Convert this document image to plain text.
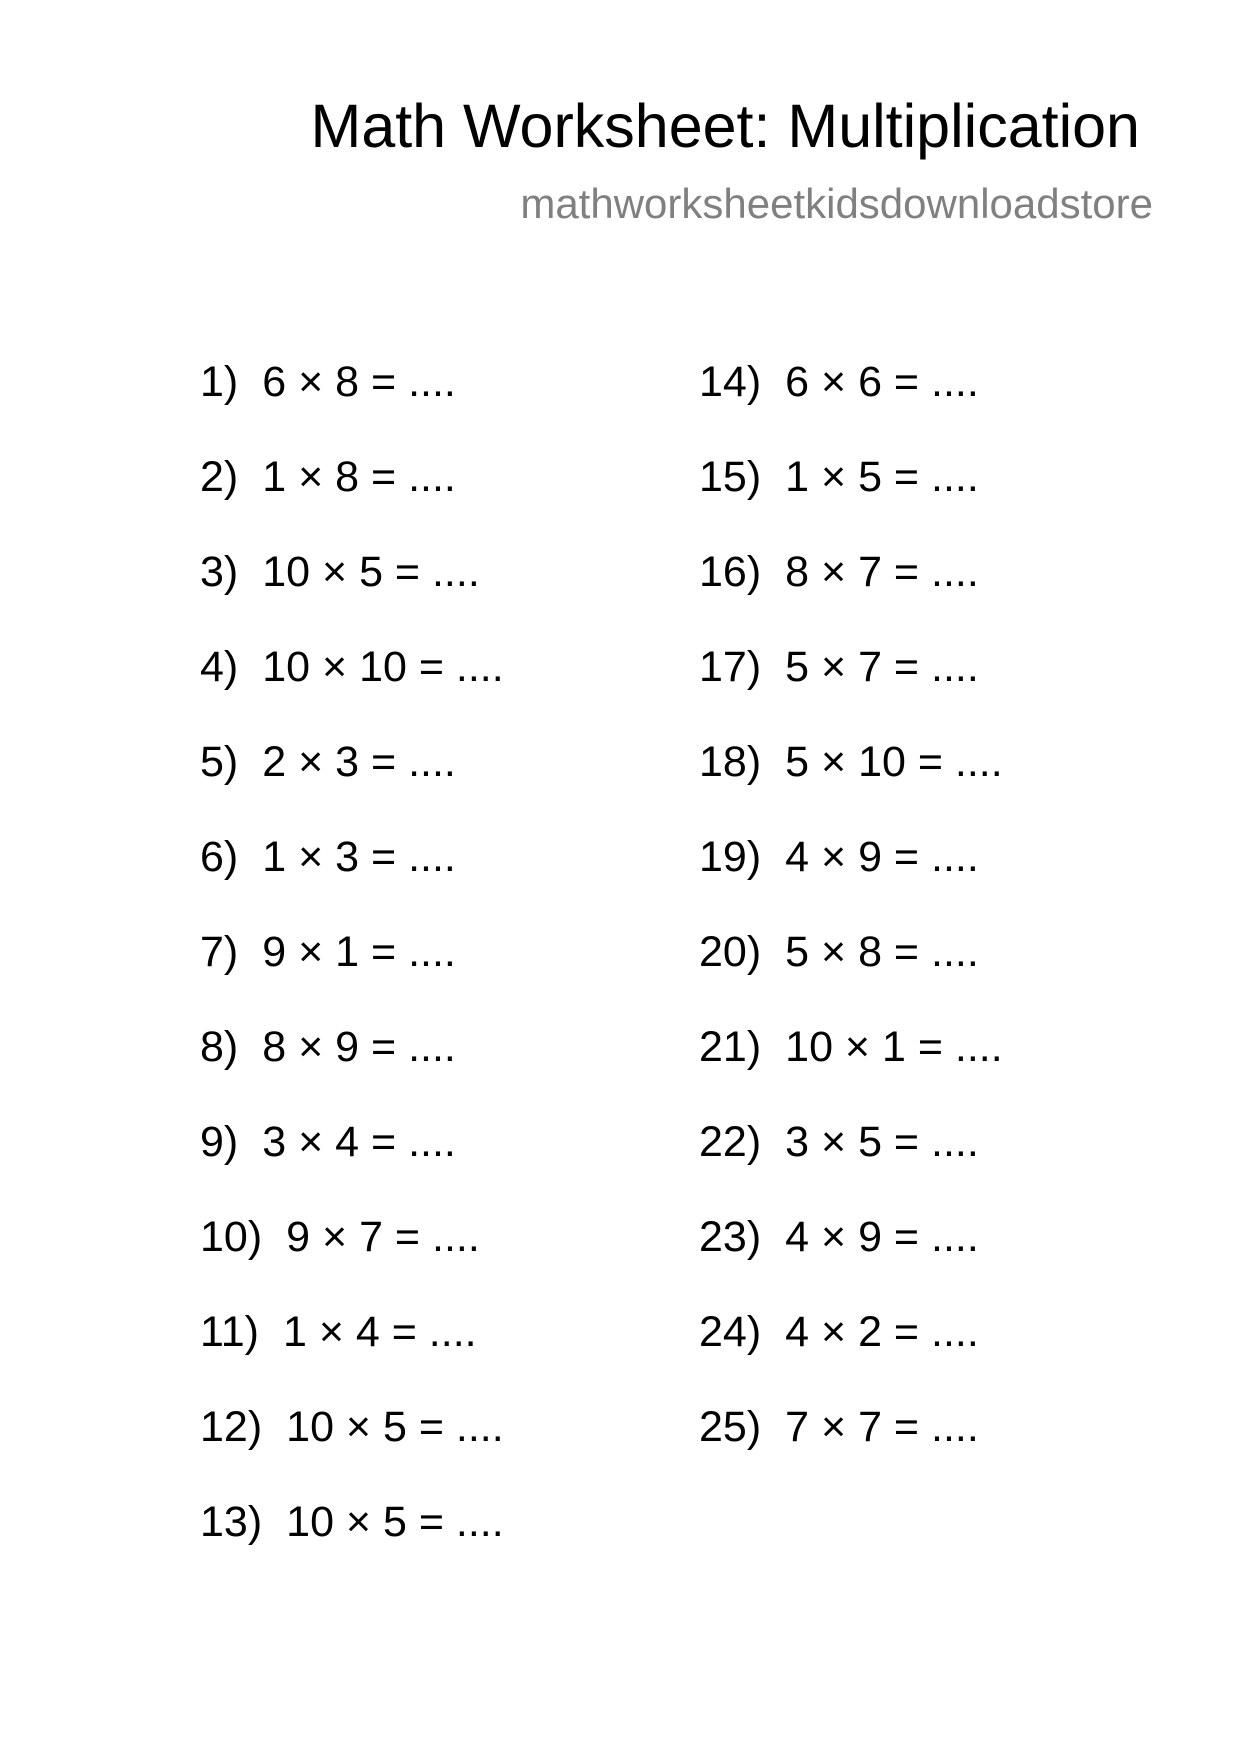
Math Worksheet: Multiplication
mathworksheetkidsdownloadstore
1) 6 × 8 = ....
2) 1 × 8 = ....
3) 10 × 5 = ....
4) 10 × 10 = ....
5) 2 × 3 = ....
6) 1 × 3 = ....
7) 9 × 1 = ....
8) 8 × 9 = ....
9) 3 × 4 = ....
10) 9 × 7 = ....
11) 1 × 4 = ....
12) 10 × 5 = ....
13) 10 × 5 = ....
14) 6 × 6 = ....
15) 1 × 5 = ....
16) 8 × 7 = ....
17) 5 × 7 = ....
18) 5 × 10 = ....
19) 4 × 9 = ....
20) 5 × 8 = ....
21) 10 × 1 = ....
22) 3 × 5 = ....
23) 4 × 9 = ....
24) 4 × 2 = ....
25) 7 × 7 = ....
